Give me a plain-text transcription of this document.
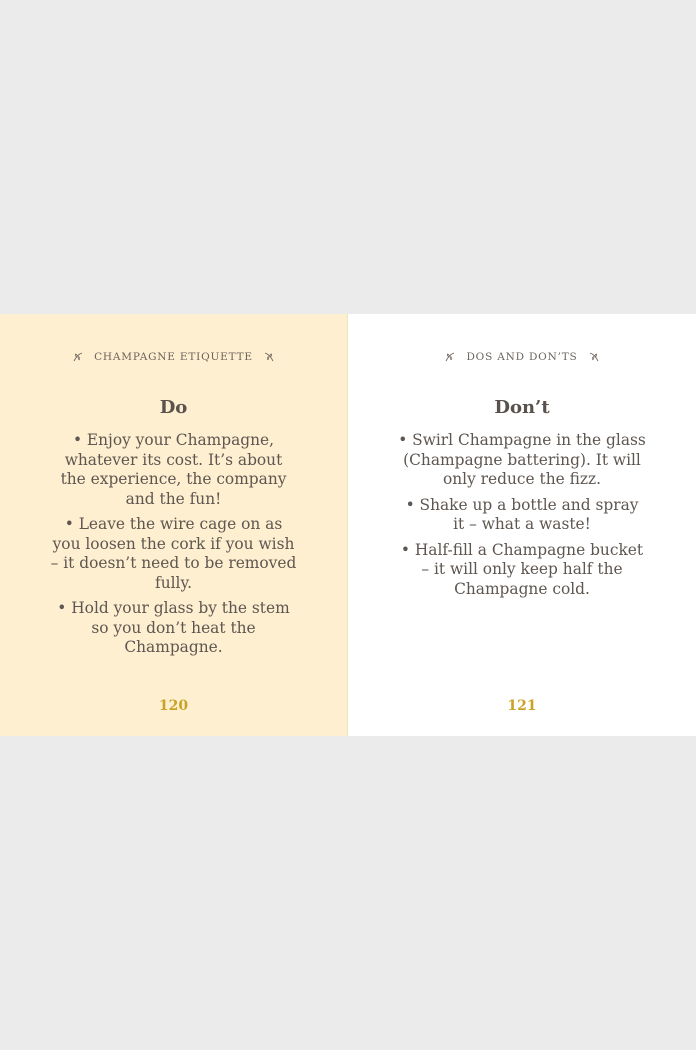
CHAMPAGNE ETIQUETTE
Do
• Enjoy your Champagne, whatever its cost. It’s about the experience, the company and the fun!
• Leave the wire cage on as you loosen the cork if you wish – it doesn’t need to be removed fully.
• Hold your glass by the stem so you don’t heat the Champagne.
120
DOS AND DON’TS
Don’t
• Swirl Champagne in the glass (Champagne battering). It will only reduce the fizz.
• Shake up a bottle and spray it – what a waste!
• Half-fill a Champagne bucket – it will only keep half the Champagne cold.
121
